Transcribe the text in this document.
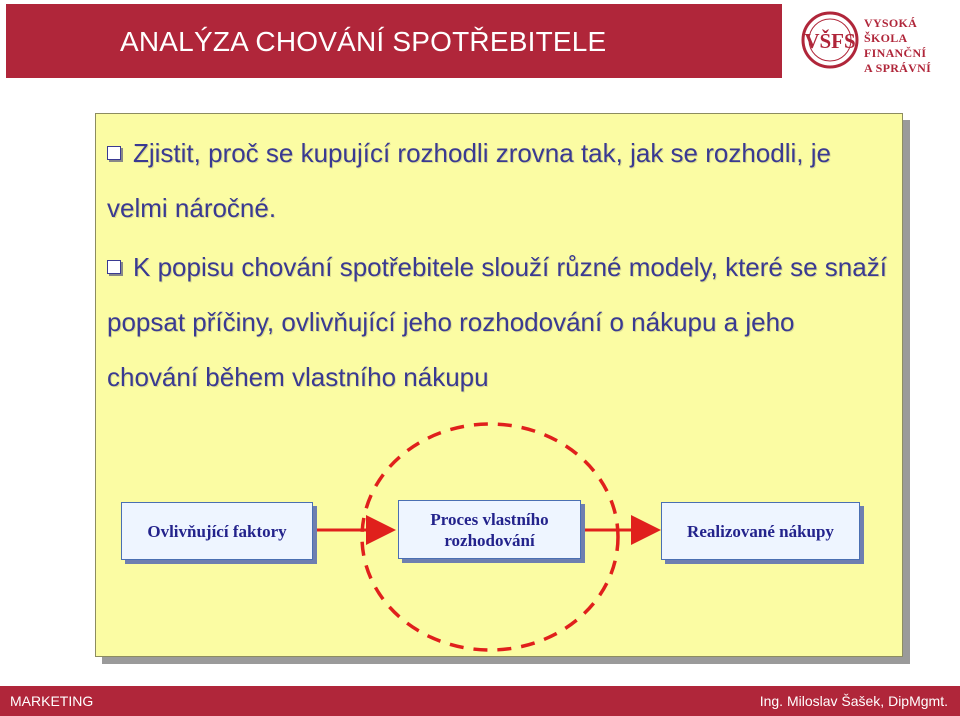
ANALÝZA CHOVÁNÍ SPOTŘEBITELE	VŠFS
VYSOKÁ ŠKOLA
FINANČNÍ
A SPRÁVNÍ
Zjistit, proč se kupující rozhodli zrovna tak, jak se rozhodli, je velmi náročné.
K popisu chování spotřebitele slouží různé modely, které se snaží popsat příčiny, ovlivňující jeho rozhodování o nákupu a jeho chování během vlastního nákupu
Ovlivňující faktory
Proces vlastního rozhodování	Realizované nákupy
MARKETING	Ing. Miloslav Šašek, DipMgmt.
